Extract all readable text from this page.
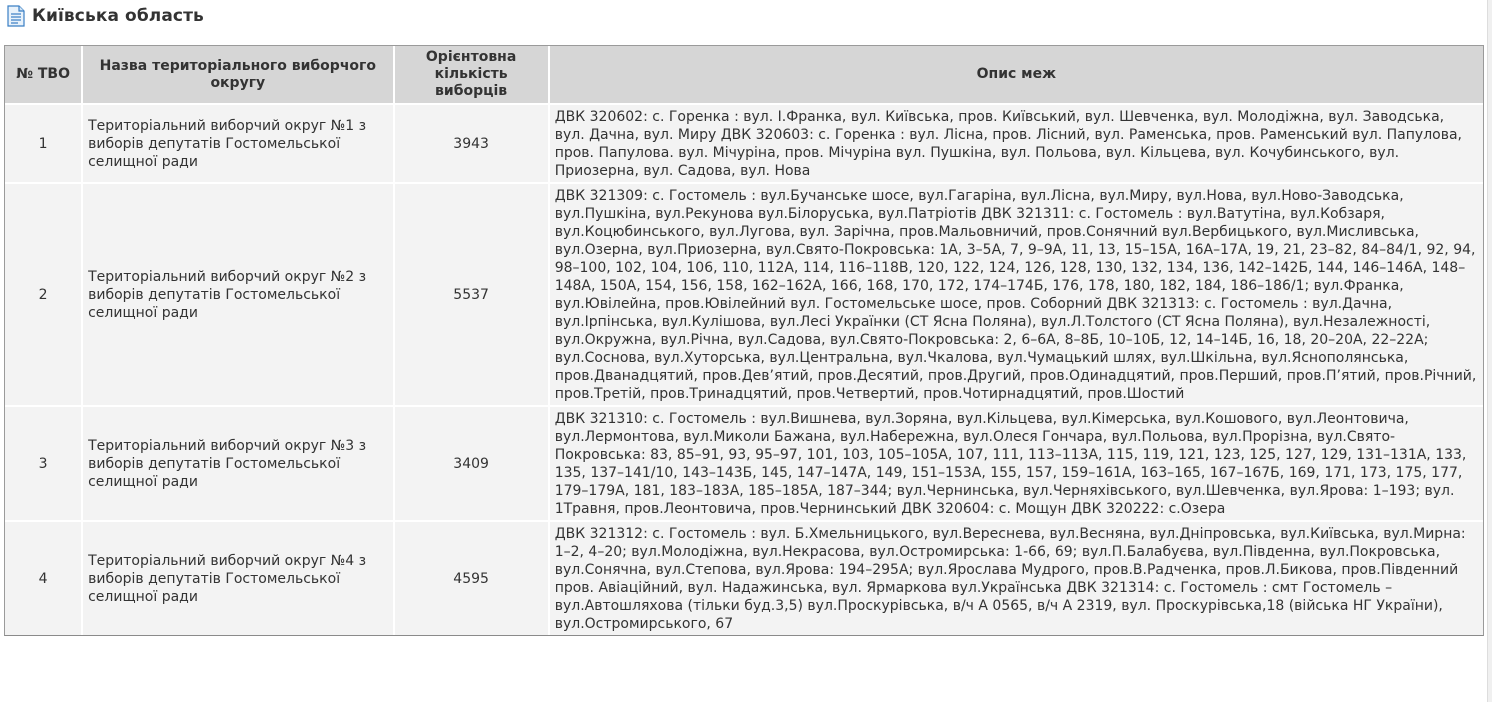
Київська область
№ ТВО	Назва територіального виборчого округу	Орієнтовна кількість виборців	Опис меж
1	Територіальний виборчий округ №1 з виборів депутатів Гостомельської селищної ради	3943	ДВК 320602: с. Горенка : вул. І.Франка, вул. Київська, пров. Київський, вул. Шевченка, вул. Молодіжна, вул. Заводська, вул. Дачна, вул. Миру ДВК 320603: с. Горенка : вул. Лісна, пров. Лісний, вул. Раменська, пров. Раменський вул. Папулова, пров. Папулова. вул. Мічуріна, пров. Мічуріна вул. Пушкіна, вул. Польова, вул. Кільцева, вул. Кочубинського, вул. Приозерна, вул. Садова, вул. Нова
2	Територіальний виборчий округ №2 з виборів депутатів Гостомельської селищної ради	5537	ДВК 321309: с. Гостомель : вул.Бучанське шосе, вул.Гагаріна, вул.Лісна, вул.Миру, вул.Нова, вул.Ново-Заводська, вул.Пушкіна, вул.Рекунова вул.Білоруська, вул.Патріотів ДВК 321311: с. Гостомель : вул.Ватутіна, вул.Кобзаря, вул.Коцюбинського, вул.Лугова, вул. Зарічна, пров.Мальовничий, пров.Сонячний вул.Вербицького, вул.Мисливська, вул.Озерна, вул.Приозерна, вул.Свято-Покровська: 1А, 3–5А, 7, 9–9А, 11, 13, 15–15А, 16А–17А, 19, 21, 23–82, 84–84/1, 92, 94, 98–100, 102, 104, 106, 110, 112А, 114, 116–118В, 120, 122, 124, 126, 128, 130, 132, 134, 136, 142–142Б, 144, 146–146А, 148–148А, 150А, 154, 156, 158, 162–162А, 166, 168, 170, 172, 174–174Б, 176, 178, 180, 182, 184, 186–186/1; вул.Франка, вул.Ювілейна, пров.Ювілейний вул. Гостомельське шосе, пров. Соборний ДВК 321313: с. Гостомель : вул.Дачна, вул.Ірпінська, вул.Кулішова, вул.Лесі Українки (СТ Ясна Поляна), вул.Л.Толстого (СТ Ясна Поляна), вул.Незалежності, вул.Окружна, вул.Річна, вул.Садова, вул.Свято-Покровська: 2, 6–6А, 8–8Б, 10–10Б, 12, 14–14Б, 16, 18, 20–20А, 22–22А; вул.Соснова, вул.Хуторська, вул.Центральна, вул.Чкалова, вул.Чумацький шлях, вул.Шкільна, вул.Яснополянська, пров.Дванадцятий, пров.Дев’ятий, пров.Десятий, пров.Другий, пров.Одинадцятий, пров.Перший, пров.П’ятий, пров.Річний, пров.Третій, пров.Тринадцятий, пров.Четвертий, пров.Чотирнадцятий, пров.Шостий
3	Територіальний виборчий округ №3 з виборів депутатів Гостомельської селищної ради	3409	ДВК 321310: с. Гостомель : вул.Вишнева, вул.Зоряна, вул.Кільцева, вул.Кімерська, вул.Кошового, вул.Леонтовича, вул.Лермонтова, вул.Миколи Бажана, вул.Набережна, вул.Олеся Гончара, вул.Польова, вул.Прорізна, вул.Свято-Покровська: 83, 85–91, 93, 95–97, 101, 103, 105–105А, 107, 111, 113–113А, 115, 119, 121, 123, 125, 127, 129, 131–131А, 133, 135, 137–141/10, 143–143Б, 145, 147–147А, 149, 151–153А, 155, 157, 159–161А, 163–165, 167–167Б, 169, 171, 173, 175, 177, 179–179А, 181, 183–183А, 185–185А, 187–344; вул.Чернинська, вул.Черняхівського, вул.Шевченка, вул.Ярова: 1–193; вул. 1Травня, пров.Леонтовича, пров.Чернинський ДВК 320604: с. Мощун ДВК 320222: с.Озера
4	Територіальний виборчий округ №4 з виборів депутатів Гостомельської селищної ради	4595	ДВК 321312: с. Гостомель : вул. Б.Хмельницького, вул.Вереснева, вул.Весняна, вул.Дніпровська, вул.Київська, вул.Мирна: 1–2, 4–20; вул.Молодіжна, вул.Некрасова, вул.Остромирська: 1-66, 69; вул.П.Балабуєва, вул.Південна, вул.Покровська, вул.Сонячна, вул.Степова, вул.Ярова: 194–295А; вул.Ярослава Мудрого, пров.В.Радченка, пров.Л.Бикова, пров.Південний пров. Авіаційний, вул. Надажинська, вул. Ярмаркова вул.Українська ДВК 321314: с. Гостомель : смт Гостомель – вул.Автошляхова (тільки буд.3,5) вул.Проскурівська, в/ч А 0565, в/ч А 2319, вул. Проскурівська,18 (війська НГ України), вул.Остромирського, 67
